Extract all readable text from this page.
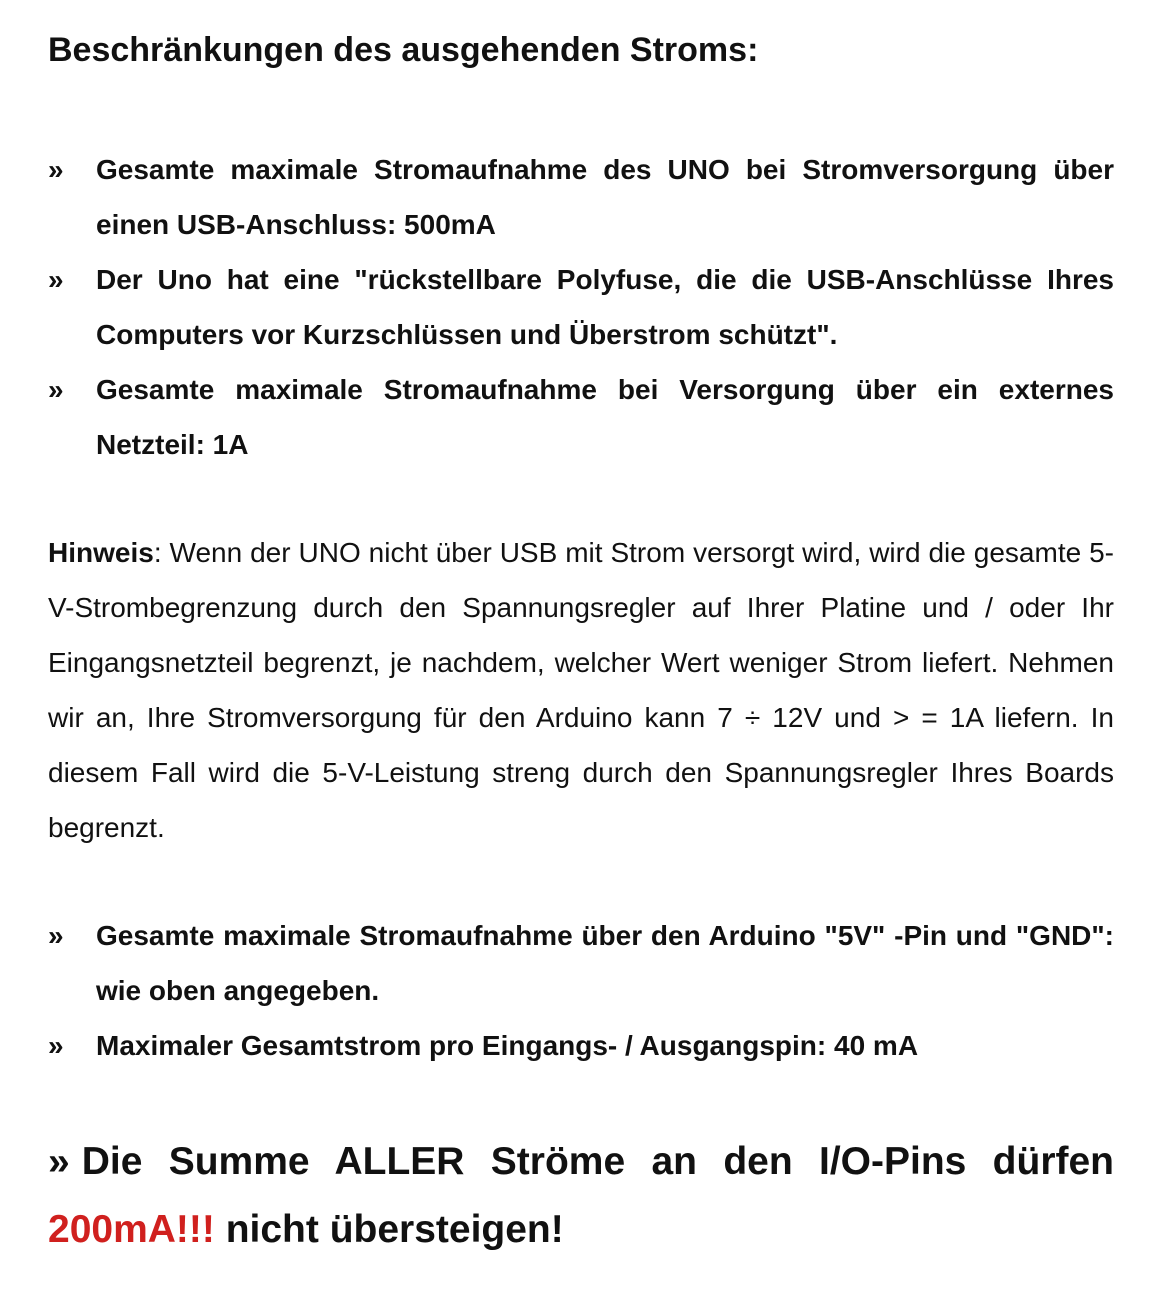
Beschränkungen des ausgehenden Stroms:
»	Gesamte maximale Stromaufnahme des UNO bei Stromversorgung über einen USB-Anschluss: 500mA
»	Der Uno hat eine "rückstellbare Polyfuse, die die USB-Anschlüsse Ihres Computers vor Kurzschlüssen und Überstrom schützt".
»	Gesamte maximale Stromaufnahme bei Versorgung über ein externes Netzteil: 1A

Hinweis: Wenn der UNO nicht über USB mit Strom versorgt wird, wird die gesamte 5-V-Strombegrenzung durch den Spannungsregler auf Ihrer Platine und / oder Ihr Eingangsnetzteil begrenzt, je nachdem, welcher Wert weniger Strom liefert. Nehmen wir an, Ihre Stromversorgung für den Arduino kann 7 ÷ 12V und > = 1A liefern. In diesem Fall wird die 5-V-Leistung streng durch den Spannungsregler Ihres Boards begrenzt.

»	Gesamte maximale Stromaufnahme über den Arduino "5V" -Pin und "GND": wie oben angegeben.
»	Maximaler Gesamtstrom pro Eingangs- / Ausgangspin: 40 mA

» Die Summe ALLER Ströme an den I/O-Pins dürfen 200mA!!! nicht übersteigen!
